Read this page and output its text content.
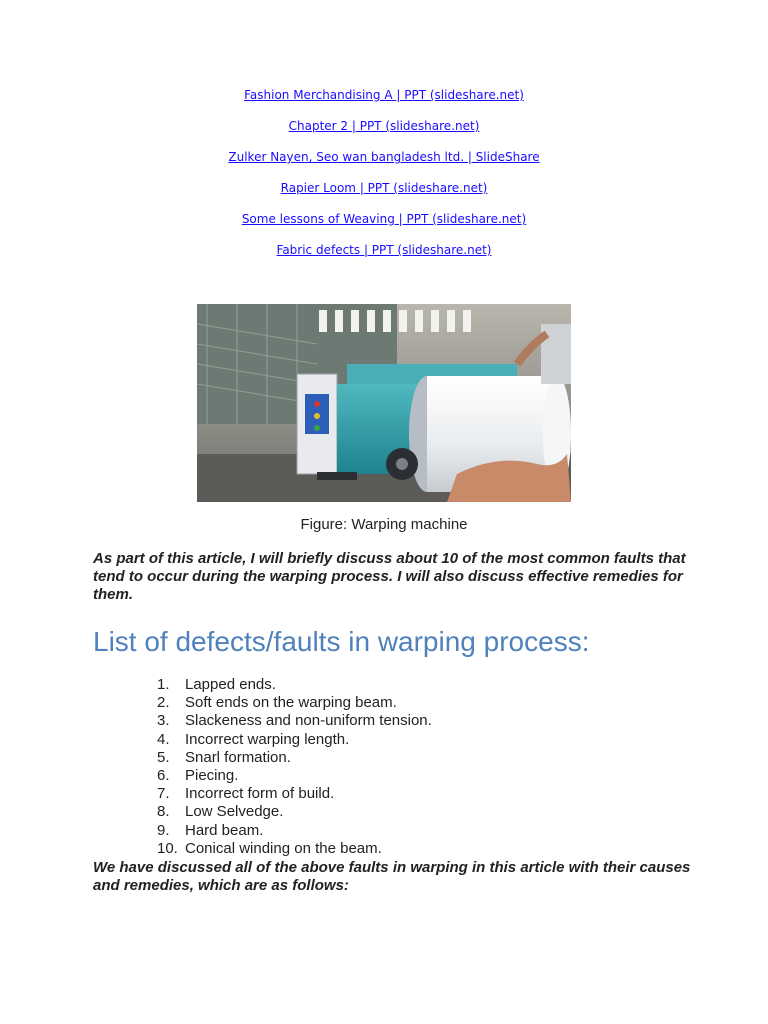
Fashion Merchandising A | PPT (slideshare.net)
Chapter 2 | PPT (slideshare.net)
Zulker Nayen, Seo wan bangladesh ltd. | SlideShare
Rapier Loom | PPT (slideshare.net)
Some lessons of Weaving | PPT (slideshare.net)
Fabric defects | PPT (slideshare.net)
Figure: Warping machine

As part of this article, I will briefly discuss about 10 of the most common faults that tend to occur during the warping process. I will also discuss effective remedies for them.

List of defects/faults in warping process:
1. Lapped ends.
2. Soft ends on the warping beam.
3. Slackeness and non-uniform tension.
4. Incorrect warping length.
5. Snarl formation.
6. Piecing.
7. Incorrect form of build.
8. Low Selvedge.
9. Hard beam.
10. Conical winding on the beam.

We have discussed all of the above faults in warping in this article with their causes and remedies, which are as follows:
